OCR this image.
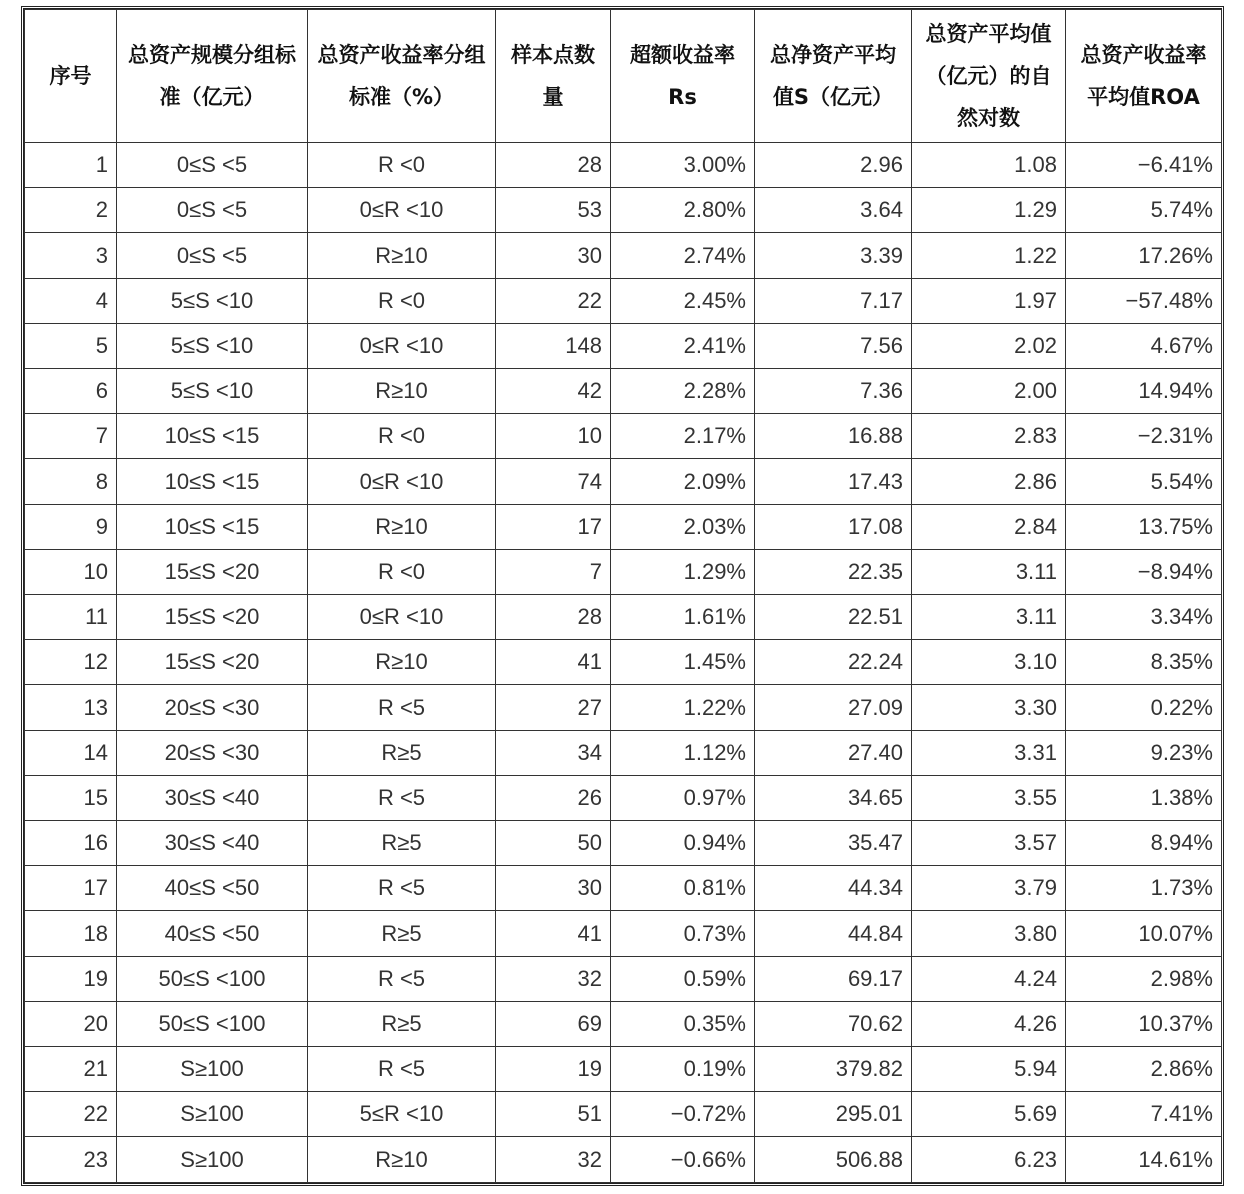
序号	总资产规模分组标准（亿元）	总资产收益率分组标准（%）	样本点数量	超额收益率Rs	总净资产平均值S（亿元）	总资产平均值（亿元）的自然对数	总资产收益率平均值ROA
1	0≤S <5	R <0	28	3.00%	2.96	1.08	−6.41%
2	0≤S <5	0≤R <10	53	2.80%	3.64	1.29	5.74%
3	0≤S <5	R≥10	30	2.74%	3.39	1.22	17.26%
4	5≤S <10	R <0	22	2.45%	7.17	1.97	−57.48%
5	5≤S <10	0≤R <10	148	2.41%	7.56	2.02	4.67%
6	5≤S <10	R≥10	42	2.28%	7.36	2.00	14.94%
7	10≤S <15	R <0	10	2.17%	16.88	2.83	−2.31%
8	10≤S <15	0≤R <10	74	2.09%	17.43	2.86	5.54%
9	10≤S <15	R≥10	17	2.03%	17.08	2.84	13.75%
10	15≤S <20	R <0	7	1.29%	22.35	3.11	−8.94%
11	15≤S <20	0≤R <10	28	1.61%	22.51	3.11	3.34%
12	15≤S <20	R≥10	41	1.45%	22.24	3.10	8.35%
13	20≤S <30	R <5	27	1.22%	27.09	3.30	0.22%
14	20≤S <30	R≥5	34	1.12%	27.40	3.31	9.23%
15	30≤S <40	R <5	26	0.97%	34.65	3.55	1.38%
16	30≤S <40	R≥5	50	0.94%	35.47	3.57	8.94%
17	40≤S <50	R <5	30	0.81%	44.34	3.79	1.73%
18	40≤S <50	R≥5	41	0.73%	44.84	3.80	10.07%
19	50≤S <100	R <5	32	0.59%	69.17	4.24	2.98%
20	50≤S <100	R≥5	69	0.35%	70.62	4.26	10.37%
21	S≥100	R <5	19	0.19%	379.82	5.94	2.86%
22	S≥100	5≤R <10	51	−0.72%	295.01	5.69	7.41%
23	S≥100	R≥10	32	−0.66%	506.88	6.23	14.61%
